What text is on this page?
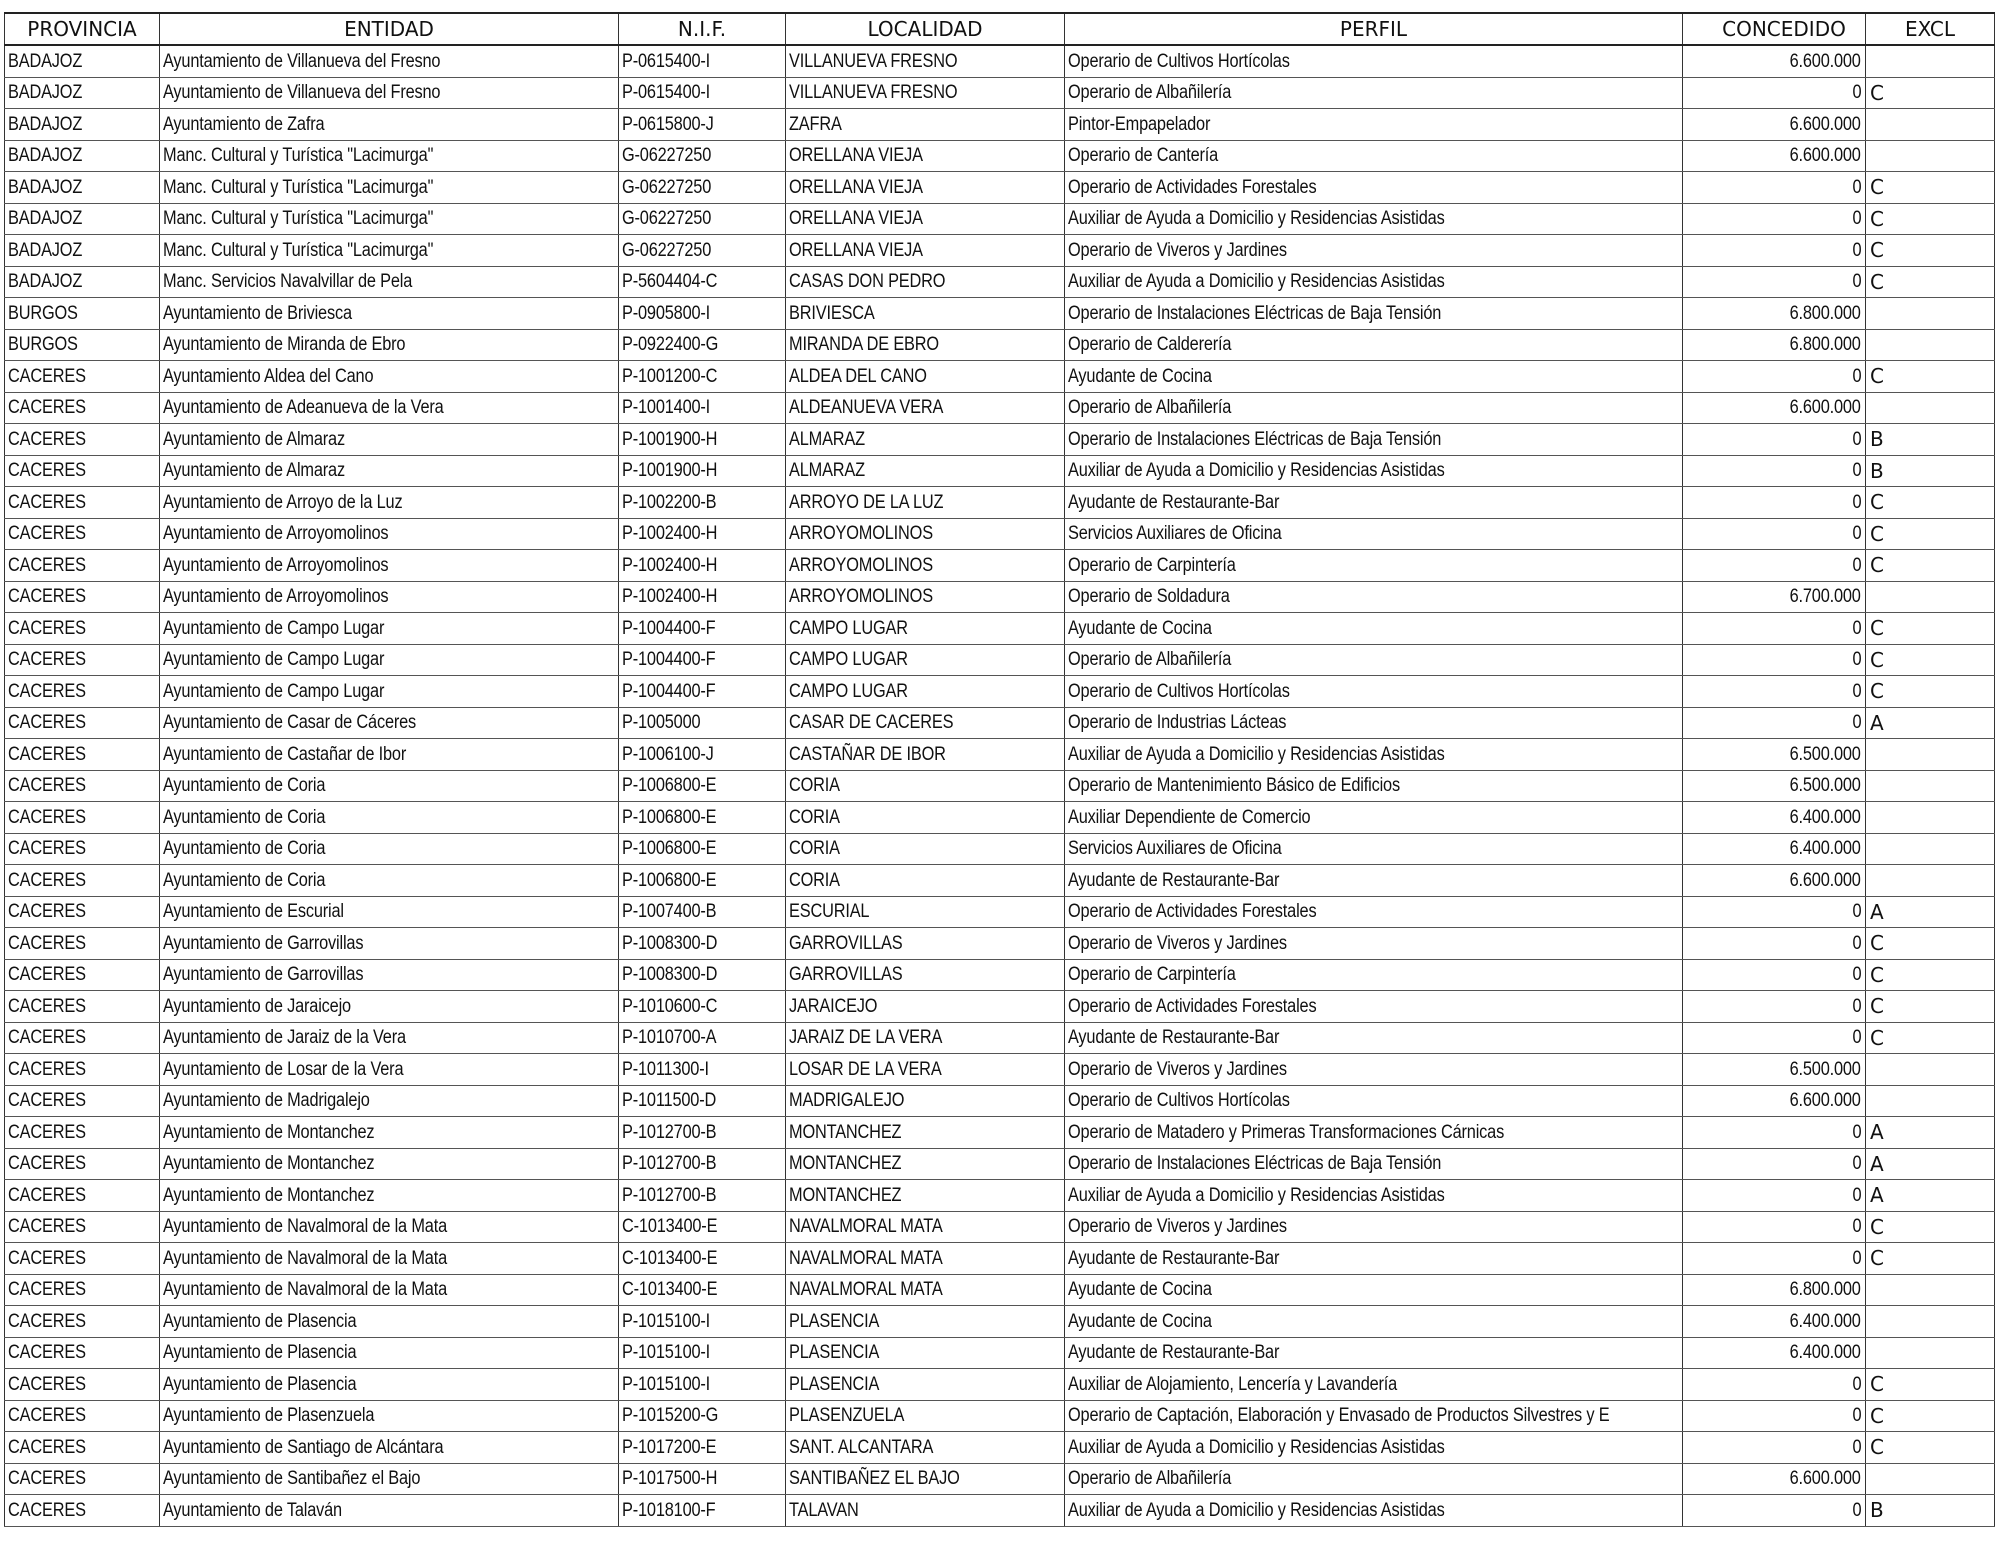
PROVINCIA	ENTIDAD	N.I.F.	LOCALIDAD	PERFIL	CONCEDIDO	EXCL
BADAJOZ	Ayuntamiento de Villanueva del Fresno	P-0615400-I	VILLANUEVA FRESNO	Operario de Cultivos Hortícolas	6.600.000	
BADAJOZ	Ayuntamiento de Villanueva del Fresno	P-0615400-I	VILLANUEVA FRESNO	Operario de Albañilería	0	C
BADAJOZ	Ayuntamiento de Zafra	P-0615800-J	ZAFRA	Pintor-Empapelador	6.600.000	
BADAJOZ	Manc. Cultural y Turística "Lacimurga"	G-06227250	ORELLANA VIEJA	Operario de Cantería	6.600.000	
BADAJOZ	Manc. Cultural y Turística "Lacimurga"	G-06227250	ORELLANA VIEJA	Operario de Actividades Forestales	0	C
BADAJOZ	Manc. Cultural y Turística "Lacimurga"	G-06227250	ORELLANA VIEJA	Auxiliar de Ayuda a Domicilio y Residencias Asistidas	0	C
BADAJOZ	Manc. Cultural y Turística "Lacimurga"	G-06227250	ORELLANA VIEJA	Operario de Viveros y Jardines	0	C
BADAJOZ	Manc. Servicios Navalvillar de Pela	P-5604404-C	CASAS DON PEDRO	Auxiliar de Ayuda a Domicilio y Residencias Asistidas	0	C
BURGOS	Ayuntamiento de Briviesca	P-0905800-I	BRIVIESCA	Operario de Instalaciones Eléctricas de Baja Tensión	6.800.000	
BURGOS	Ayuntamiento de Miranda de Ebro	P-0922400-G	MIRANDA DE EBRO	Operario de Calderería	6.800.000	
CACERES	Ayuntamiento Aldea del Cano	P-1001200-C	ALDEA DEL CANO	Ayudante de Cocina	0	C
CACERES	Ayuntamiento de Adeanueva de la Vera	P-1001400-I	ALDEANUEVA VERA	Operario de Albañilería	6.600.000	
CACERES	Ayuntamiento de Almaraz	P-1001900-H	ALMARAZ	Operario de Instalaciones Eléctricas de Baja Tensión	0	B
CACERES	Ayuntamiento de Almaraz	P-1001900-H	ALMARAZ	Auxiliar de Ayuda a Domicilio y Residencias Asistidas	0	B
CACERES	Ayuntamiento de Arroyo de la Luz	P-1002200-B	ARROYO DE LA LUZ	Ayudante de Restaurante-Bar	0	C
CACERES	Ayuntamiento de Arroyomolinos	P-1002400-H	ARROYOMOLINOS	Servicios Auxiliares de Oficina	0	C
CACERES	Ayuntamiento de Arroyomolinos	P-1002400-H	ARROYOMOLINOS	Operario de Carpintería	0	C
CACERES	Ayuntamiento de Arroyomolinos	P-1002400-H	ARROYOMOLINOS	Operario de Soldadura	6.700.000	
CACERES	Ayuntamiento de Campo Lugar	P-1004400-F	CAMPO LUGAR	Ayudante de Cocina	0	C
CACERES	Ayuntamiento de Campo Lugar	P-1004400-F	CAMPO LUGAR	Operario de Albañilería	0	C
CACERES	Ayuntamiento de Campo Lugar	P-1004400-F	CAMPO LUGAR	Operario de Cultivos Hortícolas	0	C
CACERES	Ayuntamiento de Casar de Cáceres	P-1005000	CASAR DE CACERES	Operario de Industrias Lácteas	0	A
CACERES	Ayuntamiento de Castañar de Ibor	P-1006100-J	CASTAÑAR DE IBOR	Auxiliar de Ayuda a Domicilio y Residencias Asistidas	6.500.000	
CACERES	Ayuntamiento de Coria	P-1006800-E	CORIA	Operario de Mantenimiento Básico de Edificios	6.500.000	
CACERES	Ayuntamiento de Coria	P-1006800-E	CORIA	Auxiliar Dependiente de Comercio	6.400.000	
CACERES	Ayuntamiento de Coria	P-1006800-E	CORIA	Servicios Auxiliares de Oficina	6.400.000	
CACERES	Ayuntamiento de Coria	P-1006800-E	CORIA	Ayudante de Restaurante-Bar	6.600.000	
CACERES	Ayuntamiento de Escurial	P-1007400-B	ESCURIAL	Operario de Actividades Forestales	0	A
CACERES	Ayuntamiento de Garrovillas	P-1008300-D	GARROVILLAS	Operario de Viveros y Jardines	0	C
CACERES	Ayuntamiento de Garrovillas	P-1008300-D	GARROVILLAS	Operario de Carpintería	0	C
CACERES	Ayuntamiento de Jaraicejo	P-1010600-C	JARAICEJO	Operario de Actividades Forestales	0	C
CACERES	Ayuntamiento de Jaraiz de la Vera	P-1010700-A	JARAIZ DE LA VERA	Ayudante de Restaurante-Bar	0	C
CACERES	Ayuntamiento de Losar de la Vera	P-1011300-I	LOSAR DE LA VERA	Operario de Viveros y Jardines	6.500.000	
CACERES	Ayuntamiento de Madrigalejo	P-1011500-D	MADRIGALEJO	Operario de Cultivos Hortícolas	6.600.000	
CACERES	Ayuntamiento de Montanchez	P-1012700-B	MONTANCHEZ	Operario de Matadero y Primeras Transformaciones Cárnicas	0	A
CACERES	Ayuntamiento de Montanchez	P-1012700-B	MONTANCHEZ	Operario de Instalaciones Eléctricas de Baja Tensión	0	A
CACERES	Ayuntamiento de Montanchez	P-1012700-B	MONTANCHEZ	Auxiliar de Ayuda a Domicilio y Residencias Asistidas	0	A
CACERES	Ayuntamiento de Navalmoral de la Mata	C-1013400-E	NAVALMORAL MATA	Operario de Viveros y Jardines	0	C
CACERES	Ayuntamiento de Navalmoral de la Mata	C-1013400-E	NAVALMORAL MATA	Ayudante de Restaurante-Bar	0	C
CACERES	Ayuntamiento de Navalmoral de la Mata	C-1013400-E	NAVALMORAL MATA	Ayudante de Cocina	6.800.000	
CACERES	Ayuntamiento de Plasencia	P-1015100-I	PLASENCIA	Ayudante de Cocina	6.400.000	
CACERES	Ayuntamiento de Plasencia	P-1015100-I	PLASENCIA	Ayudante de Restaurante-Bar	6.400.000	
CACERES	Ayuntamiento de Plasencia	P-1015100-I	PLASENCIA	Auxiliar de Alojamiento, Lencería y Lavandería	0	C
CACERES	Ayuntamiento de Plasenzuela	P-1015200-G	PLASENZUELA	Operario de Captación, Elaboración y Envasado de Productos Silvestres y E	0	C
CACERES	Ayuntamiento de Santiago de Alcántara	P-1017200-E	SANT. ALCANTARA	Auxiliar de Ayuda a Domicilio y Residencias Asistidas	0	C
CACERES	Ayuntamiento de Santibañez el Bajo	P-1017500-H	SANTIBAÑEZ EL BAJO	Operario de Albañilería	6.600.000	
CACERES	Ayuntamiento de Talaván	P-1018100-F	TALAVAN	Auxiliar de Ayuda a Domicilio y Residencias Asistidas	0	B
